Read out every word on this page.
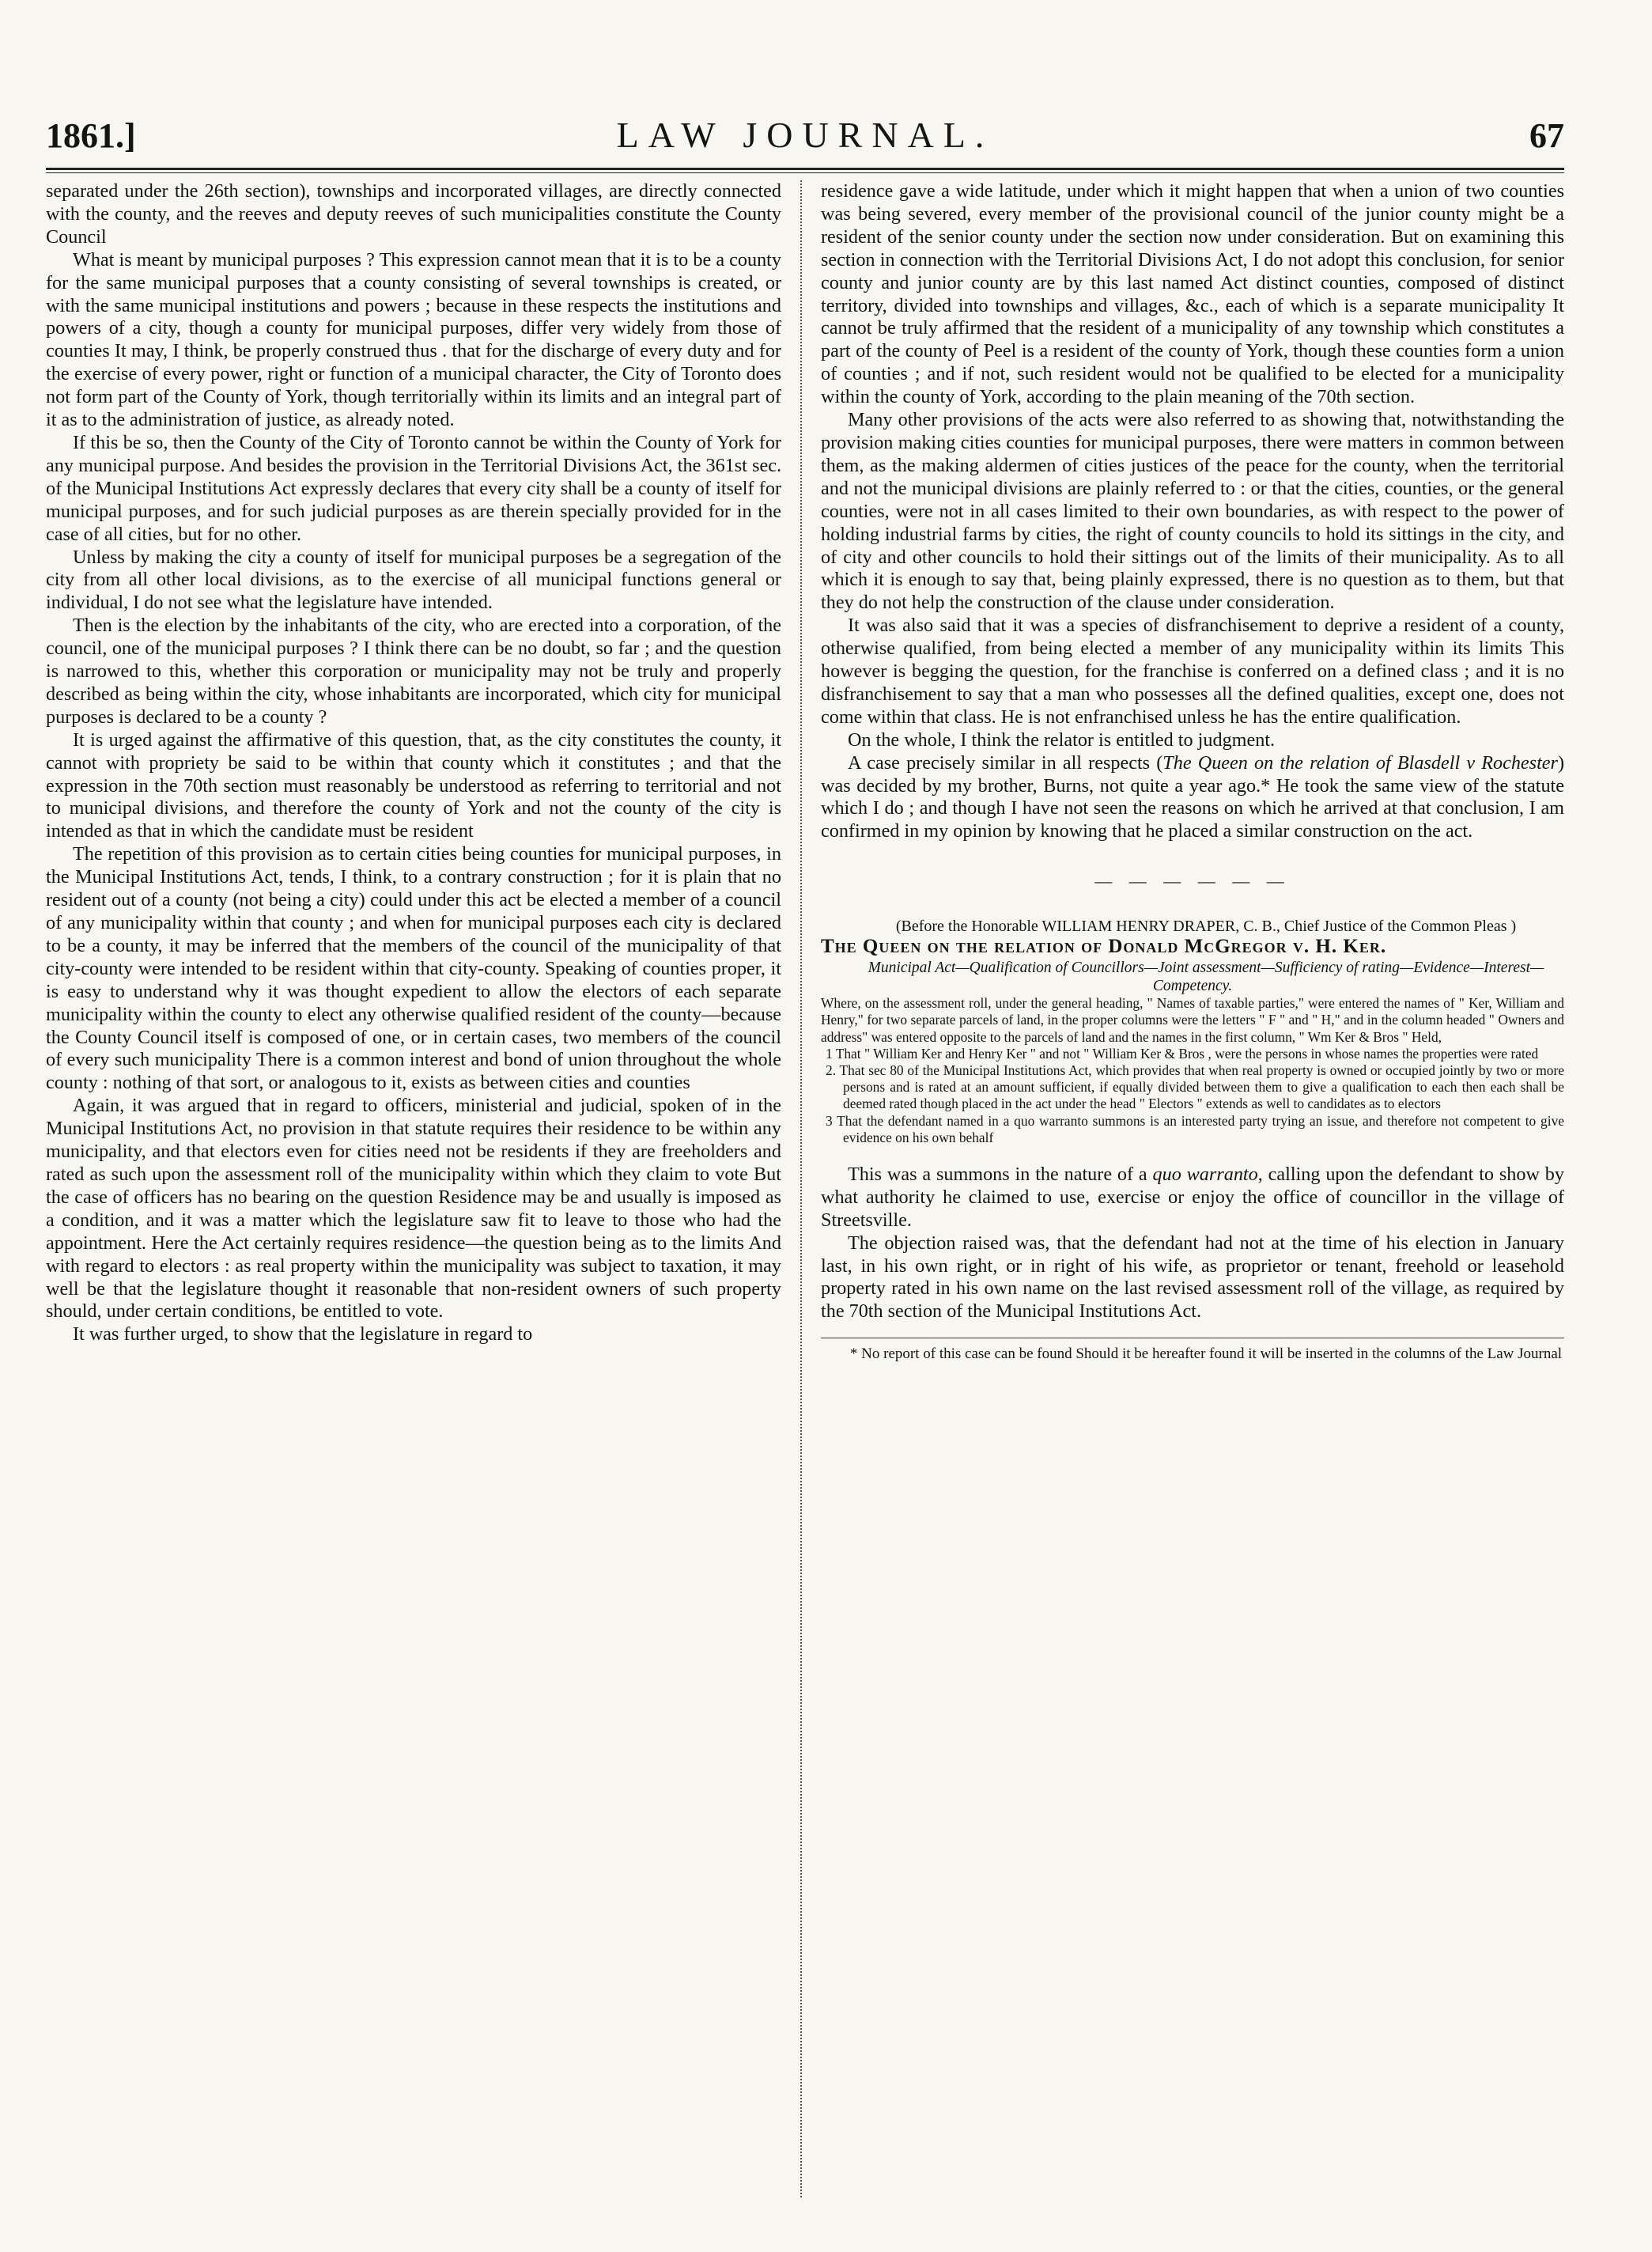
1861.]	LAW JOURNAL.	67

separated under the 26th section), townships and incorporated villages, are directly connected with the county, and the reeves and deputy reeves of such municipalities constitute the County Council

What is meant by municipal purposes ? This expression cannot mean that it is to be a county for the same municipal purposes that a county consisting of several townships is created, or with the same municipal institutions and powers ; because in these respects the institutions and powers of a city, though a county for municipal purposes, differ very widely from those of counties It may, I think, be properly construed thus . that for the discharge of every duty and for the exercise of every power, right or function of a municipal character, the City of Toronto does not form part of the County of York, though territorially within its limits and an integral part of it as to the administration of justice, as already noted.

If this be so, then the County of the City of Toronto cannot be within the County of York for any municipal purpose. And besides the provision in the Territorial Divisions Act, the 361st sec. of the Municipal Institutions Act expressly declares that every city shall be a county of itself for municipal purposes, and for such judicial purposes as are therein specially provided for in the case of all cities, but for no other.

Unless by making the city a county of itself for municipal purposes be a segregation of the city from all other local divisions, as to the exercise of all municipal functions general or individual, I do not see what the legislature have intended.

Then is the election by the inhabitants of the city, who are erected into a corporation, of the council, one of the municipal purposes ? I think there can be no doubt, so far ; and the question is narrowed to this, whether this corporation or municipality may not be truly and properly described as being within the city, whose inhabitants are incorporated, which city for municipal purposes is declared to be a county ?

It is urged against the affirmative of this question, that, as the city constitutes the county, it cannot with propriety be said to be within that county which it constitutes ; and that the expression in the 70th section must reasonably be understood as referring to territorial and not to municipal divisions, and therefore the county of York and not the county of the city is intended as that in which the candidate must be resident

The repetition of this provision as to certain cities being counties for municipal purposes, in the Municipal Institutions Act, tends, I think, to a contrary construction ; for it is plain that no resident out of a county (not being a city) could under this act be elected a member of a council of any municipality within that county ; and when for municipal purposes each city is declared to be a county, it may be inferred that the members of the council of the municipality of that city-county were intended to be resident within that city-county. Speaking of counties proper, it is easy to understand why it was thought expedient to allow the electors of each separate municipality within the county to elect any otherwise qualified resident of the county—because the County Council itself is composed of one, or in certain cases, two members of the council of every such municipality There is a common interest and bond of union throughout the whole county : nothing of that sort, or analogous to it, exists as between cities and counties

Again, it was argued that in regard to officers, ministerial and judicial, spoken of in the Municipal Institutions Act, no provision in that statute requires their residence to be within any municipality, and that electors even for cities need not be residents if they are freeholders and rated as such upon the assessment roll of the municipality within which they claim to vote But the case of officers has no bearing on the question Residence may be and usually is imposed as a condition, and it was a matter which the legislature saw fit to leave to those who had the appointment. Here the Act certainly requires residence—the question being as to the limits And with regard to electors : as real property within the municipality was subject to taxation, it may well be that the legislature thought it reasonable that non-resident owners of such property should, under certain conditions, be entitled to vote.

It was further urged, to show that the legislature in regard to

residence gave a wide latitude, under which it might happen that when a union of two counties was being severed, every member of the provisional council of the junior county might be a resident of the senior county under the section now under consideration. But on examining this section in connection with the Territorial Divisions Act, I do not adopt this conclusion, for senior county and junior county are by this last named Act distinct counties, composed of distinct territory, divided into townships and villages, &c., each of which is a separate municipality It cannot be truly affirmed that the resident of a municipality of any township which constitutes a part of the county of Peel is a resident of the county of York, though these counties form a union of counties ; and if not, such resident would not be qualified to be elected for a municipality within the county of York, according to the plain meaning of the 70th section.

Many other provisions of the acts were also referred to as showing that, notwithstanding the provision making cities counties for municipal purposes, there were matters in common between them, as the making aldermen of cities justices of the peace for the county, when the territorial and not the municipal divisions are plainly referred to : or that the cities, counties, or the general counties, were not in all cases limited to their own boundaries, as with respect to the power of holding industrial farms by cities, the right of county councils to hold its sittings in the city, and of city and other councils to hold their sittings out of the limits of their municipality. As to all which it is enough to say that, being plainly expressed, there is no question as to them, but that they do not help the construction of the clause under consideration.

It was also said that it was a species of disfranchisement to deprive a resident of a county, otherwise qualified, from being elected a member of any municipality within its limits This however is begging the question, for the franchise is conferred on a defined class ; and it is no disfranchisement to say that a man who possesses all the defined qualities, except one, does not come within that class. He is not enfranchised unless he has the entire qualification.

On the whole, I think the relator is entitled to judgment.

A case precisely similar in all respects (The Queen on the relation of Blasdell v Rochester) was decided by my brother, Burns, not quite a year ago.* He took the same view of the statute which I do ; and though I have not seen the reasons on which he arrived at that conclusion, I am confirmed in my opinion by knowing that he placed a similar construction on the act.

— — — — — —

(Before the Honorable WILLIAM HENRY DRAPER, C. B., Chief Justice of the Common Pleas )

The Queen on the relation of Donald McGregor v. H. Ker.

Municipal Act—Qualification of Councillors—Joint assessment—Sufficiency of rating—Evidence—Interest—Competency.

Where, on the assessment roll, under the general heading, " Names of taxable parties," were entered the names of " Ker, William and Henry," for two separate parcels of land, in the proper columns were the letters " F " and " H," and in the column headed " Owners and address" was entered opposite to the parcels of land and the names in the first column, " Wm Ker & Bros " Held,

1 That " William Ker and Henry Ker " and not " William Ker & Bros , were the persons in whose names the properties were rated

2. That sec 80 of the Municipal Institutions Act, which provides that when real property is owned or occupied jointly by two or more persons and is rated at an amount sufficient, if equally divided between them to give a qualification to each then each shall be deemed rated though placed in the act under the head " Electors " extends as well to candidates as to electors

3 That the defendant named in a quo warranto summons is an interested party trying an issue, and therefore not competent to give evidence on his own behalf

This was a summons in the nature of a quo warranto, calling upon the defendant to show by what authority he claimed to use, exercise or enjoy the office of councillor in the village of Streetsville.

The objection raised was, that the defendant had not at the time of his election in January last, in his own right, or in right of his wife, as proprietor or tenant, freehold or leasehold property rated in his own name on the last revised assessment roll of the village, as required by the 70th section of the Municipal Institutions Act.

* No report of this case can be found Should it be hereafter found it will be inserted in the columns of the Law Journal
